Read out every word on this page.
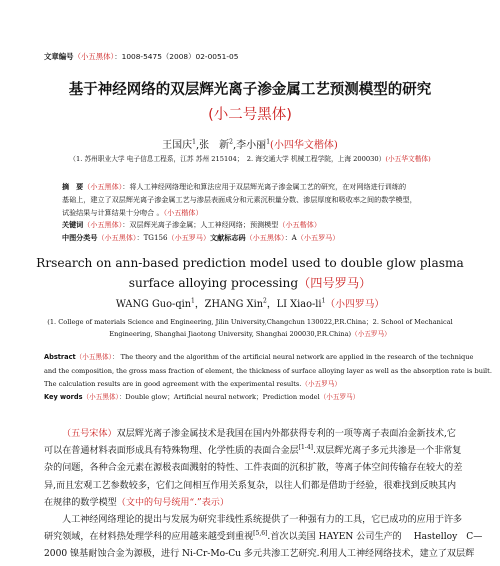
文章编号（小五黑体）：1008-5475（2008）02-0051-05
基于神经网络的双层辉光离子渗金属工艺预测模型的研究
(小二号黑体)
王国庆$^1$,张　新$^2$,李小丽$^1$(小四华文楷体)
（1. 苏州职业大学 电子信息工程系，江苏 苏州 215104；　2. 海交通大学 机械工程学院，上海 200030）(小五华文楷体)
摘　要（小五黑体）：将人工神经网络理论和算法应用于双层辉光离子渗金属工艺的研究，在对网络进行训练的
基础上，建立了双层辉光离子渗金属工艺与渗层表面成分和元素沉积量分数、渗层厚度和吸收率之间的数学模型，
试验结果与计算结果十分吻合 。（小五楷体）
关键词（小五黑体）：双层辉光离子渗金属；人工神经网络；预测模型（小五楷体）
中图分类号（小五黑体）：TG156（小五罗马）文献标志码（小五黑体）：A（小五罗马）
Rrsearch on ann-based prediction model used to double glow plasma
surface alloying processing（四号罗马）
WANG Guo-qin$^1$，ZHANG Xin$^2$，LI Xiao-$li^1$（小四罗马）
(1. College of materials Science and Engineering, Jilin University,Changchun 130022,P.R.China；2. School of Mechanical
Engineering, Shanghai Jiaotong University, Shanghai 200030,P.R.China)（小五罗马）
Abstract（小五黑体）： The theory and the algorithm of the artificial neural network are applied in the research of the technique
and the composition, the gross mass fraction of element, the thickness of surface alloying layer as well as the absorption rate is built.
The calculation results are in good agreement with the experimental results.（小五罗马）
Key words（小五黑体）：Double glow；Artificial neural network；Prediction model（小五罗马）
（五号宋体）双层辉光离子渗金属技术是我国在国内外都获得专利的一项等离子表面冶金新技术,它
可以在普通材料表面形成具有特殊物理、化学性质的表面合金层[1-4].双层辉光离子多元共渗是一个非常复
杂的问题，各种合金元素在源极表面溅射的特性、工件表面的沉积扩散，等离子体空间传输存在较大的差
异,而且宏观工艺参数较多，它们之间相互作用关系复杂，以往人们都是借助于经验，很难找到反映其内
在规律的数学模型（文中的句号统用“.”表示）
人工神经网络理论的提出与发展为研究非线性系统提供了一种强有力的工具，它已成功的应用于许多
研究领域，在材料热处理学科的应用越来越受到重视[5,6].首次以美国 HAYEN 公司生产的　 Hastelloy　C—
2000 镍基耐蚀合金为源极，进行 Ni-Cr-Mo-Cu 多元共渗工艺研究.利用人工神经网络技术，建立了双层辉
